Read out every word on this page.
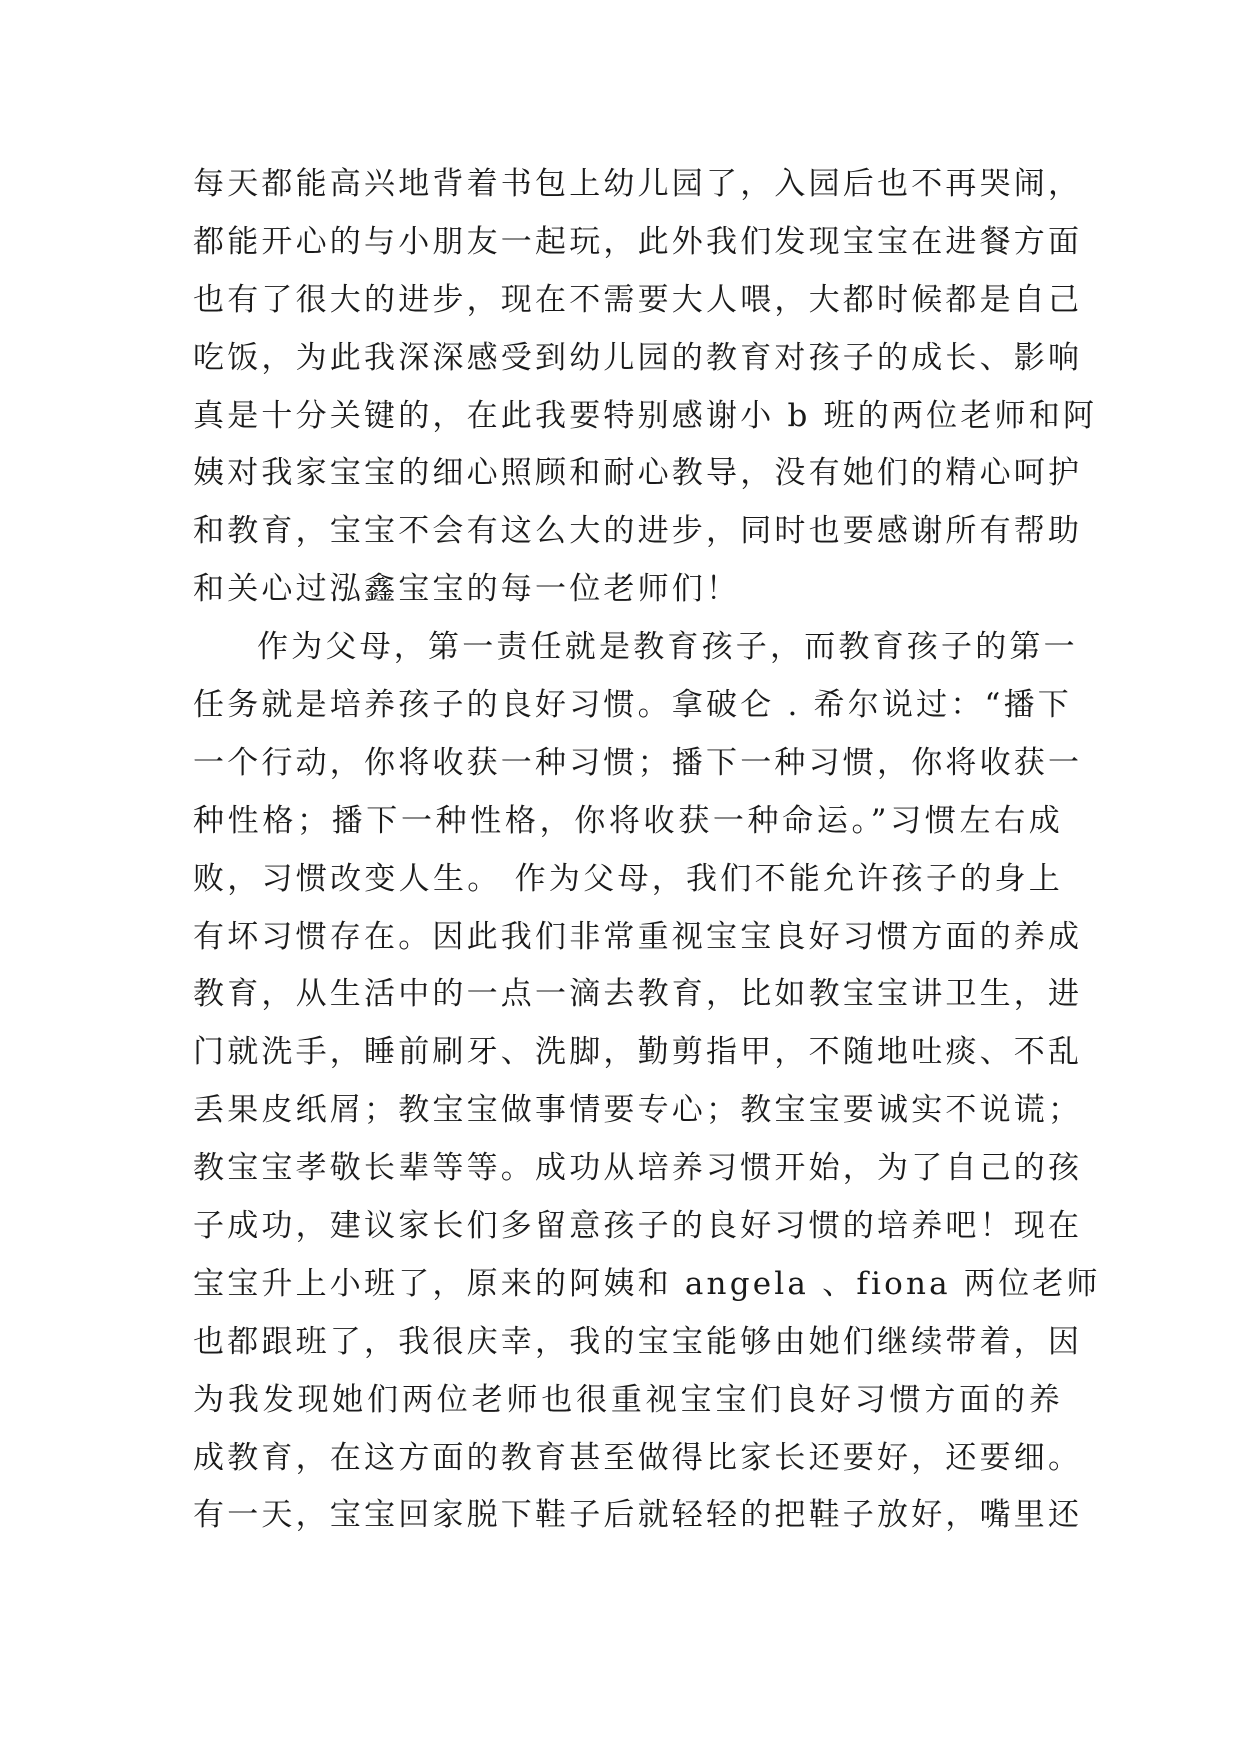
每天都能高兴地背着书包上幼儿园了，入园后也不再哭闹，
都能开心的与小朋友一起玩，此外我们发现宝宝在进餐方面
也有了很大的进步，现在不需要大人喂，大都时候都是自己
吃饭，为此我深深感受到幼儿园的教育对孩子的成长、影响
真是十分关键的，在此我要特别感谢小 b 班的两位老师和阿
姨对我家宝宝的细心照顾和耐心教导，没有她们的精心呵护
和教育，宝宝不会有这么大的进步，同时也要感谢所有帮助
和关心过泓鑫宝宝的每一位老师们！
作为父母，第一责任就是教育孩子，而教育孩子的第一
任务就是培养孩子的良好习惯。拿破仑 . 希尔说过：“播下
一个行动，你将收获一种习惯；播下一种习惯，你将收获一
种性格；播下一种性格，你将收获一种命运。”习惯左右成
败，习惯改变人生。 作为父母，我们不能允许孩子的身上
有坏习惯存在。因此我们非常重视宝宝良好习惯方面的养成
教育，从生活中的一点一滴去教育，比如教宝宝讲卫生，进
门就洗手，睡前刷牙、洗脚，勤剪指甲，不随地吐痰、不乱
丢果皮纸屑；教宝宝做事情要专心；教宝宝要诚实不说谎；
教宝宝孝敬长辈等等。成功从培养习惯开始，为了自己的孩
子成功，建议家长们多留意孩子的良好习惯的培养吧！现在
宝宝升上小班了，原来的阿姨和 angela 、fiona 两位老师
也都跟班了，我很庆幸，我的宝宝能够由她们继续带着，因
为我发现她们两位老师也很重视宝宝们良好习惯方面的养
成教育，在这方面的教育甚至做得比家长还要好，还要细。
有一天，宝宝回家脱下鞋子后就轻轻的把鞋子放好，嘴里还
